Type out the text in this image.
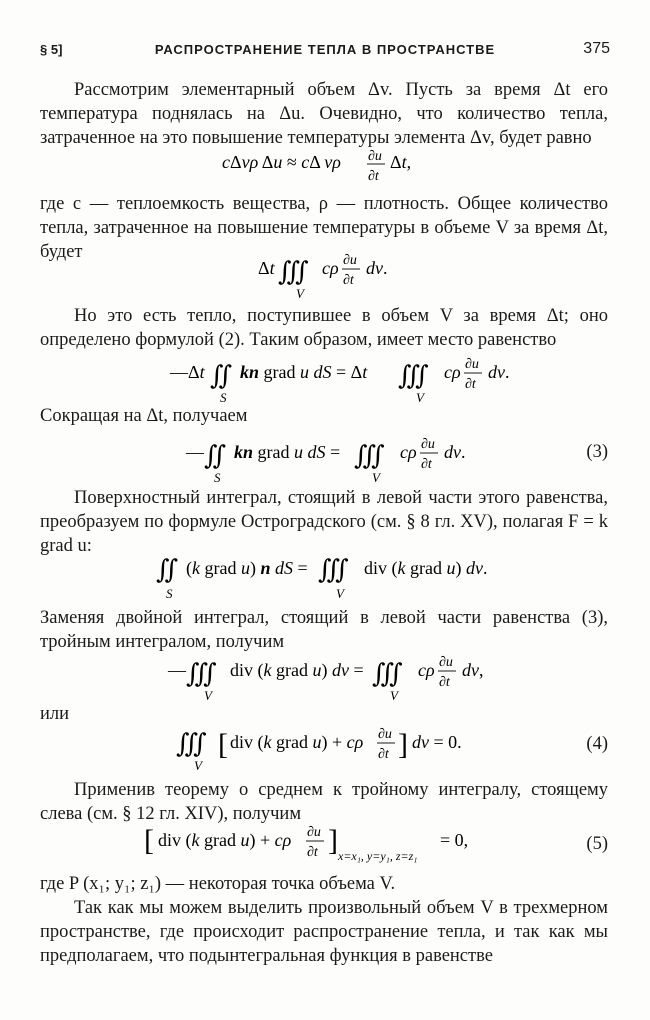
§ 5]	РАСПРОСТРАНЕНИЕ ТЕПЛА В ПРОСТРАНСТВЕ	375
Рассмотрим элементарный объем Δv. Пусть за время Δt его температура поднялась на Δu. Очевидно, что количество тепла, затраченное на это повышение температуры элемента Δv, будет равно
cΔvρ Δu ≈ cΔ vρ ∂u
∂t
Δt,
где c — теплоемкость вещества, ρ — плотность. Общее количество тепла, затраченное на повышение температуры в объеме V за время Δt, будет
Δt ∭
V
cρ ∂u
∂t
dv.
Но это есть тепло, поступившее в объем V за время Δt; оно определено формулой (2). Таким образом, имеет место равенство
—Δt ∬
S
kn grad u dS = Δt ∭
V
cρ ∂u
∂t
dv.
Сокращая на Δt, получаем
— ∬
S
kn grad u dS = ∭
V
cρ ∂u
∂t
dv.	(3)
Поверхностный интеграл, стоящий в левой части этого равенства, преобразуем по формуле Остроградского (см. § 8 гл. XV), полагая F = k grad u:
∬
S
(k grad u) n dS = ∭
V
div (k grad u) dv.
Заменяя двойной интеграл, стоящий в левой части равенства (3), тройным интегралом, получим
— ∭
V
div (k grad u) dv = ∭
V
cρ ∂u
∂t
dv,
или
∭
V
[ div (k grad u) + cρ ∂u
∂t ] dv = 0.	(4)
Применив теорему о среднем к тройному интегралу, стоящему слева (см. § 12 гл. XIV), получим
[ div (k grad u) + cρ ∂u
∂t ] x=x₁, y=y₁, z=z₁
= 0,	(5)
где P (x₁; y₁; z₁) — некоторая точка объема V.
Так как мы можем выделить произвольный объем V в трехмерном пространстве, где происходит распространение тепла, и так как мы предполагаем, что подынтегральная функция в равенстве
